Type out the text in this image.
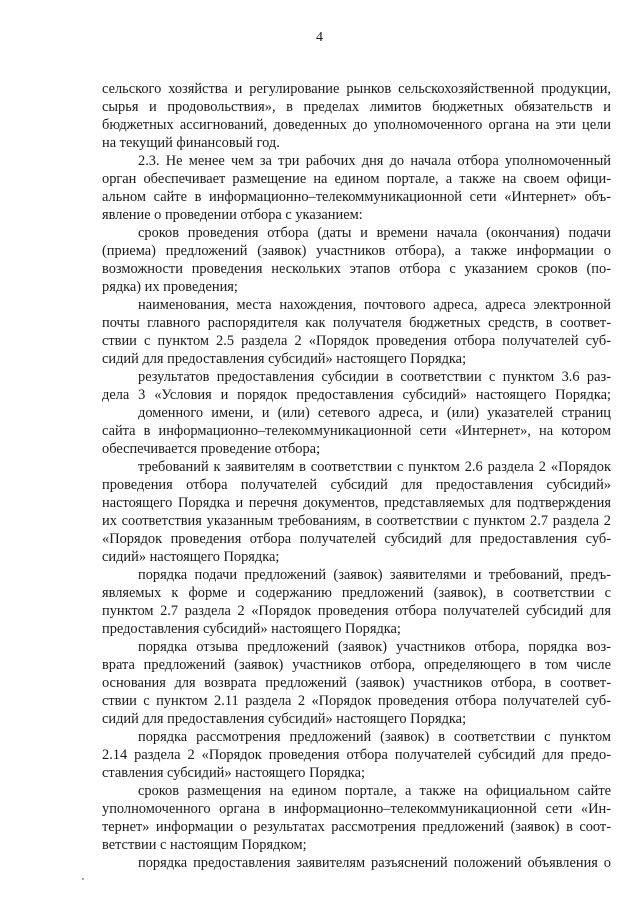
4
сельского хозяйства и регулирование рынков сельскохозяйственной продукции,
сырья и продовольствия», в пределах лимитов бюджетных обязательств и
бюджетных ассигнований, доведенных до уполномоченного органа на эти цели
на текущий финансовый год.
2.3. Не менее чем за три рабочих дня до начала отбора уполномоченный
орган обеспечивает размещение на едином портале, а также на своем офици-
альном сайте в информационно–телекоммуникационной сети «Интернет» объ-
явление о проведении отбора с указанием:
сроков проведения отбора (даты и времени начала (окончания) подачи
(приема) предложений (заявок) участников отбора), а также информации о
возможности проведения нескольких этапов отбора с указанием сроков (по-
рядка) их проведения;
наименования, места нахождения, почтового адреса, адреса электронной
почты главного распорядителя как получателя бюджетных средств, в соответ-
ствии с пунктом 2.5 раздела 2 «Порядок проведения отбора получателей суб-
сидий для предоставления субсидий» настоящего Порядка;
результатов предоставления субсидии в соответствии с пунктом 3.6 раз-
дела 3 «Условия и порядок предоставления субсидий» настоящего Порядка;
доменного имени, и (или) сетевого адреса, и (или) указателей страниц
сайта в информационно–телекоммуникационной сети «Интернет», на котором
обеспечивается проведение отбора;
требований к заявителям в соответствии с пунктом 2.6 раздела 2 «Порядок
проведения отбора получателей субсидий для предоставления субсидий»
настоящего Порядка и перечня документов, представляемых для подтверждения
их соответствия указанным требованиям, в соответствии с пунктом 2.7 раздела 2
«Порядок проведения отбора получателей субсидий для предоставления суб-
сидий» настоящего Порядка;
порядка подачи предложений (заявок) заявителями и требований, предъ-
являемых к форме и содержанию предложений (заявок), в соответствии с
пунктом 2.7 раздела 2 «Порядок проведения отбора получателей субсидий для
предоставления субсидий» настоящего Порядка;
порядка отзыва предложений (заявок) участников отбора, порядка воз-
врата предложений (заявок) участников отбора, определяющего в том числе
основания для возврата предложений (заявок) участников отбора, в соответ-
ствии с пунктом 2.11 раздела 2 «Порядок проведения отбора получателей суб-
сидий для предоставления субсидий» настоящего Порядка;
порядка рассмотрения предложений (заявок) в соответствии с пунктом
2.14 раздела 2 «Порядок проведения отбора получателей субсидий для предо-
ставления субсидий» настоящего Порядка;
сроков размещения на едином портале, а также на официальном сайте
уполномоченного органа в информационно–телекоммуникационной сети «Ин-
тернет» информации о результатах рассмотрения предложений (заявок) в соот-
ветствии с настоящим Порядком;
порядка предоставления заявителям разъяснений положений объявления о
